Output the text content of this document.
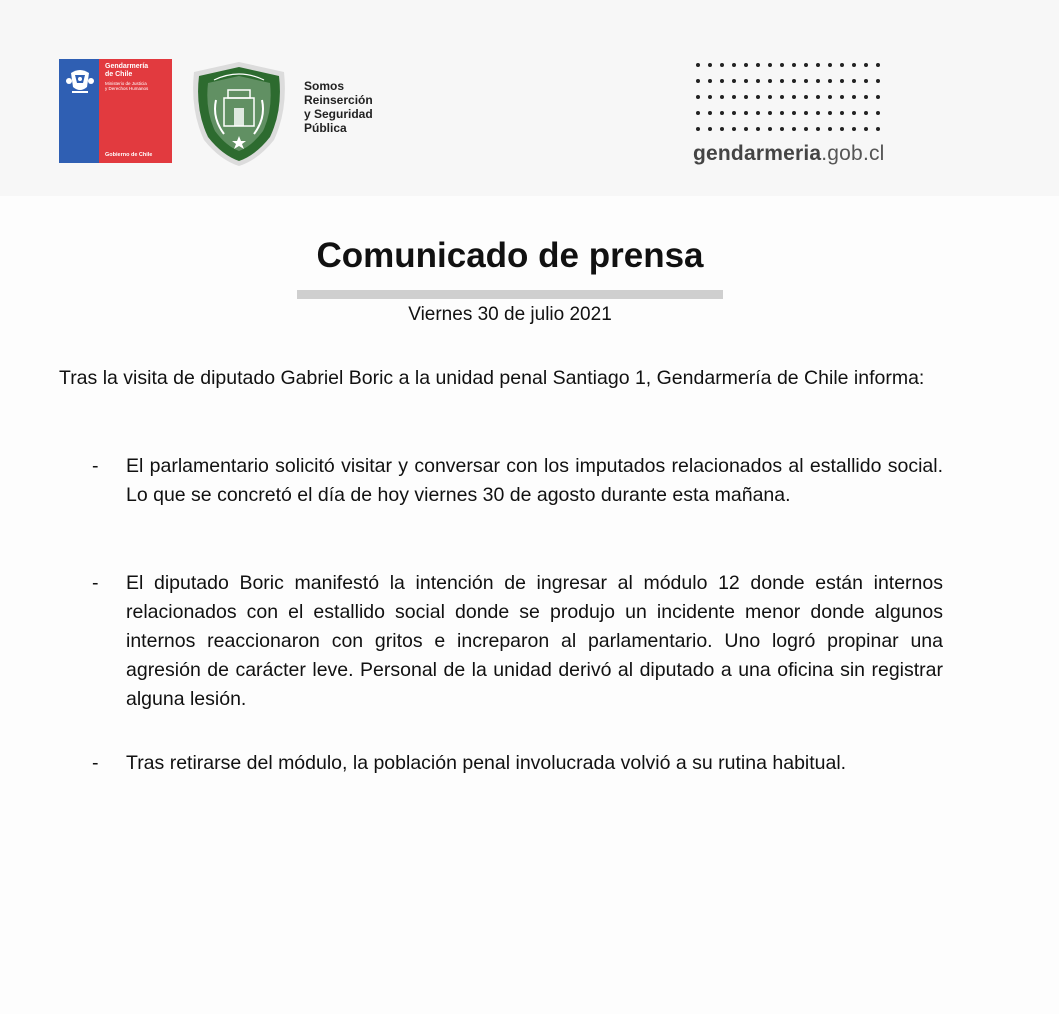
Gendarmería
de Chile
Ministerio de Justicia
y Derechos Humanos
Gobierno de Chile
Somos
Reinserción
y Seguridad
Pública
gendarmeria.gob.cl
Comunicado de prensa
Viernes 30 de julio 2021
Tras la visita de diputado Gabriel Boric a la unidad penal Santiago 1, Gendarmería de Chile informa:
- El parlamentario solicitó visitar y conversar con los imputados relacionados al estallido social. Lo que se concretó el día de hoy viernes 30 de agosto durante esta mañana.
- El diputado Boric manifestó la intención de ingresar al módulo 12 donde están internos relacionados con el estallido social donde se produjo un incidente menor donde algunos internos reaccionaron con gritos e increparon al parlamentario. Uno logró propinar una agresión de carácter leve. Personal de la unidad derivó al diputado a una oficina sin registrar alguna lesión.
- Tras retirarse del módulo, la población penal involucrada volvió a su rutina habitual.
